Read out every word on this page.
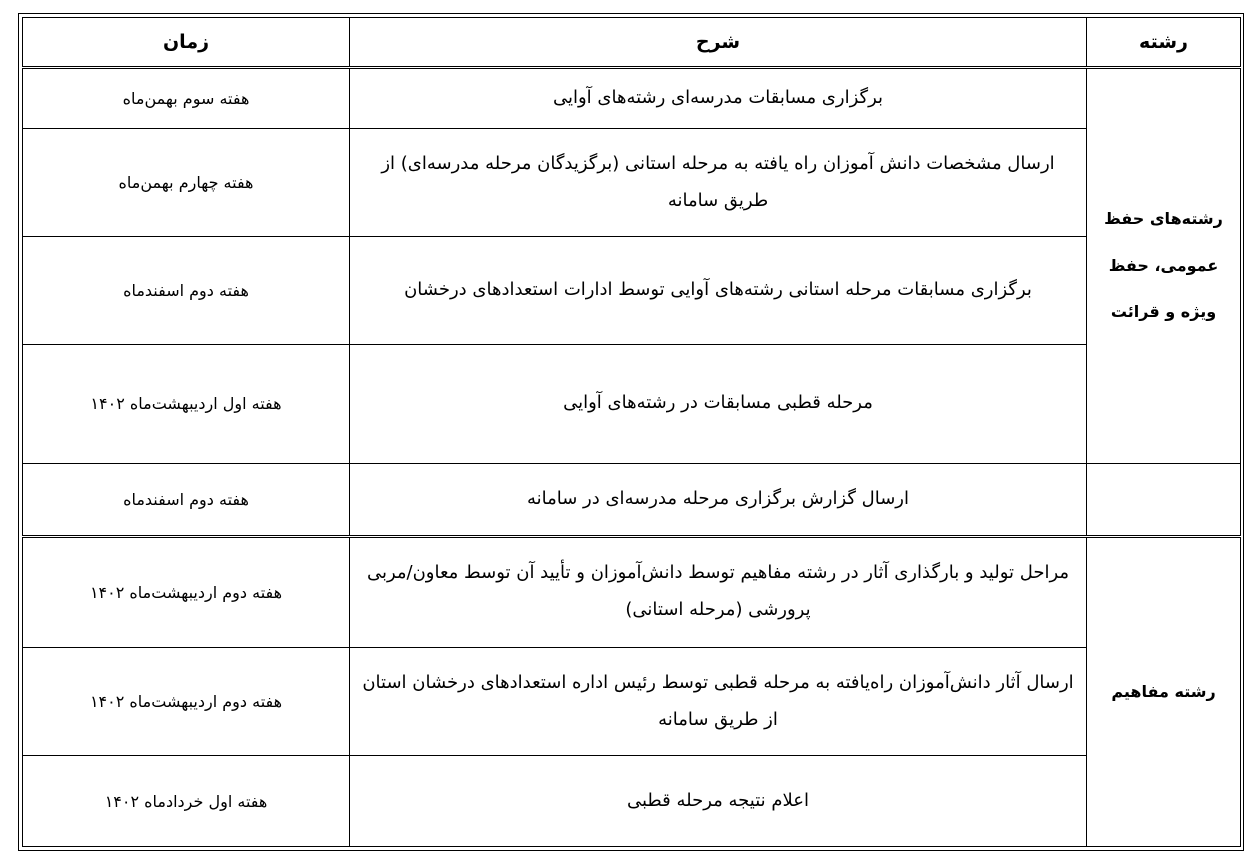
رشته	شرح	زمان
رشته‌های حفظ عمومی، حفظ ویژه و قرائت	برگزاری مسابقات مدرسه‌ای رشته‌های آوایی	هفته سوم بهمن‌ماه
	ارسال مشخصات دانش آموزان راه یافته به مرحله استانی (برگزیدگان مرحله مدرسه‌ای) از طریق سامانه	هفته چهارم بهمن‌ماه
	برگزاری مسابقات مرحله استانی رشته‌های آوایی توسط ادارات استعدادهای درخشان	هفته دوم اسفندماه
	مرحله قطبی مسابقات در رشته‌های آوایی	هفته اول اردیبهشت‌ماه ۱۴۰۲
	ارسال گزارش برگزاری مرحله مدرسه‌ای در سامانه	هفته دوم اسفندماه
رشته مفاهیم	مراحل تولید و بارگذاری آثار در رشته مفاهیم توسط دانش‌آموزان و تأیید آن توسط معاون/مربی پرورشی (مرحله استانی)	هفته دوم اردیبهشت‌ماه ۱۴۰۲
	ارسال آثار دانش‌آموزان راه‌یافته به مرحله قطبی توسط رئیس اداره استعدادهای درخشان استان از طریق سامانه	هفته دوم اردیبهشت‌ماه ۱۴۰۲
	اعلام نتیجه مرحله قطبی	هفته اول خردادماه ۱۴۰۲
